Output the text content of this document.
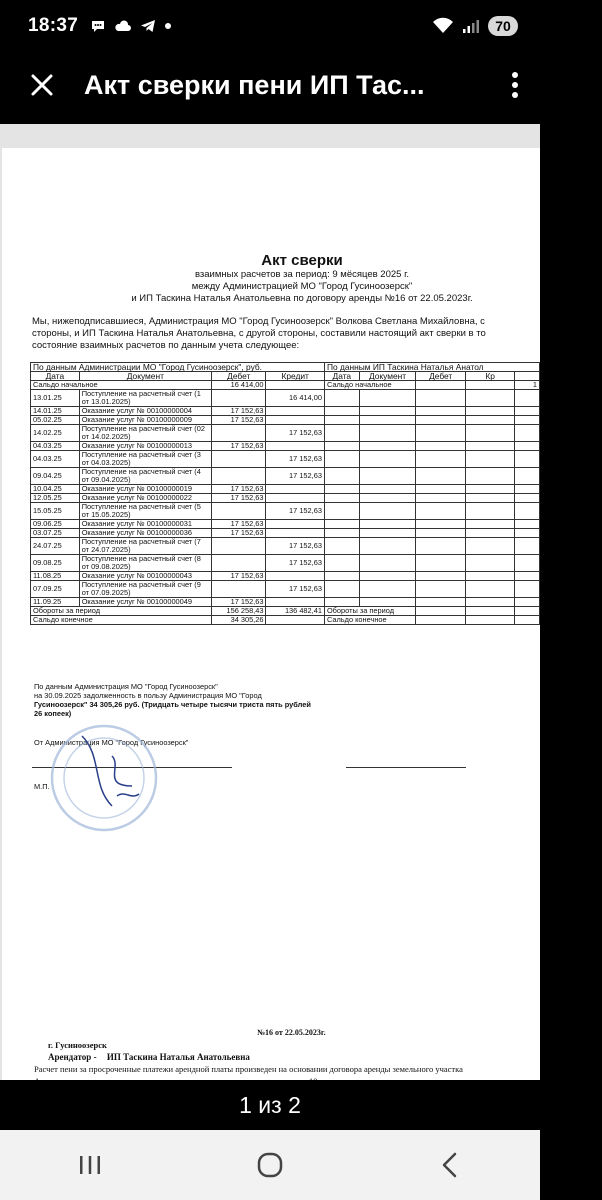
18:37	70
Акт сверки пени ИП Тас...
Акт сверки
взаимных расчетов за период: 9 мёсяцев 2025 г.
между Администрацией МО "Город Гусиноозерск"
и ИП Таскина Наталья Анатольевна по договору аренды №16 от 22.05.2023г.
Мы, нижеподписавшиеся, Администрация МО "Город Гусиноозерск" Волкова Светлана Михайловна, с
стороны, и ИП Таскина Наталья Анатольевна, с другой стороны, составили настоящий акт сверки в то
состояние взаимных расчетов по данным учета следующее:
По данным Администрации МО "Город Гусиноозерск", руб.				По данным ИП Таскина Наталья Анатол				
Дата	Документ	Дебет	Кредит	Дата	Документ	Дебет	Кр	
Сальдо начальное		16 414,00		Сальдо начальное				1
13.01.25	Поступление на расчетный счет (1 от 13.01.2025)		16 414,00					
14.01.25	Оказание услуг № 00100000004	17 152,63						
05.02.25	Оказание услуг № 00100000009	17 152,63						
14.02.25	Поступление на расчетный счет (02 от 14.02.2025)		17 152,63					
04.03.25	Оказание услуг № 00100000013	17 152,63						
04.03.25	Поступление на расчетный счет (3 от 04.03.2025)		17 152,63					
09.04.25	Поступление на расчетный счет (4 от 09.04.2025)		17 152,63					
10.04.25	Оказание услуг № 00100000019	17 152,63						
12.05.25	Оказание услуг № 00100000022	17 152,63						
15.05.25	Поступление на расчетный счет (5 от 15.05.2025)		17 152,63					
09.06.25	Оказание услуг № 00100000031	17 152,63						
03.07.25	Оказание услуг № 00100000036	17 152,63						
24.07.25	Поступление на расчетный счет (7 от 24.07.2025)		17 152,63					
09.08.25	Поступление на расчетный счет (8 от 09.08.2025)		17 152,63					
11.08.25	Оказание услуг № 00100000043	17 152,63						
07.09.25	Поступление на расчетный счет (9 от 07.09.2025)		17 152,63					
11.09.25	Оказание услуг № 00100000049	17 152,63						
Обороты за период		156 258,43	136 482,41	Обороты за период				
Сальдо конечное		34 305,26		Сальдо конечное				
По данным Администрация МО "Город Гусиноозерск"
на 30.09.2025 задолженность в пользу Администрация МО "Город
Гусиноозерск" 34 305,26 руб. (Тридцать четыре тысячи триста пять рублей
26 копеек)
От Администрация МО "Город Гусиноозерск"
М.П.
№16 от 22.05.2023г.
г. Гусиноозерск
Арендатор - ИП Таскина Наталья Анатольевна
Расчет пени за просроченные платежи арендной платы произведен на основании договора аренды земельного участка
1 из 2
